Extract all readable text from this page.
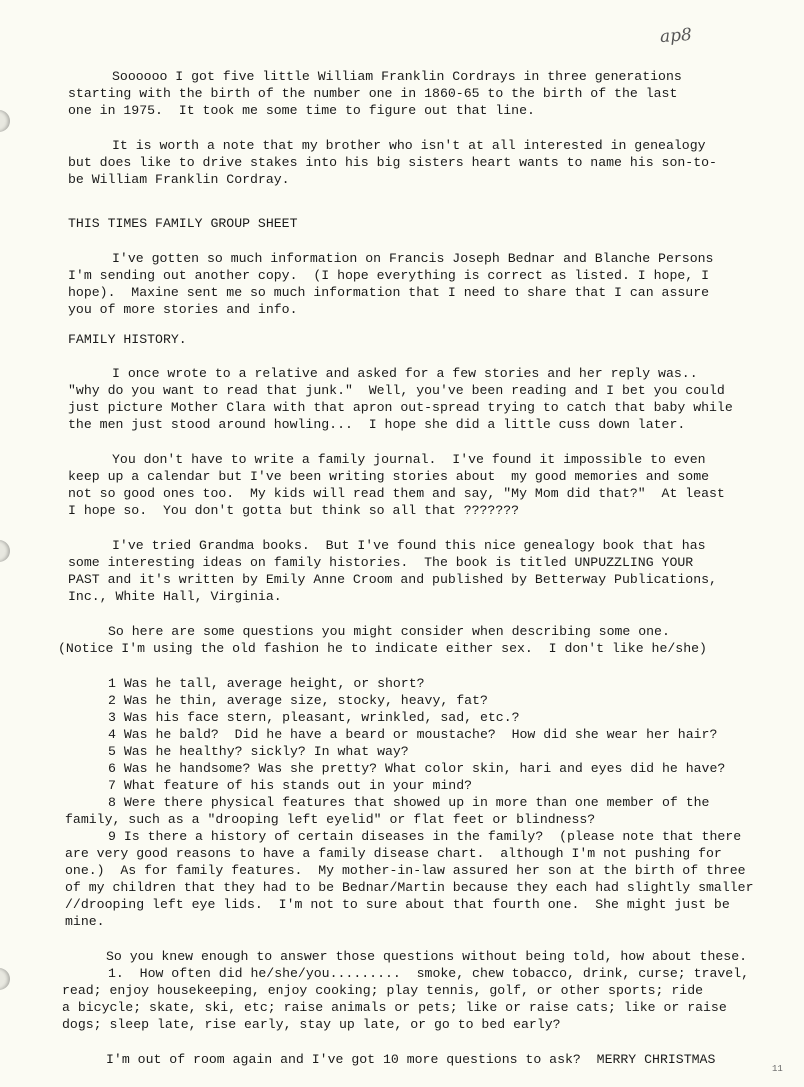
ap8
Soooooo I got five little William Franklin Cordrays in three generations
starting with the birth of the number one in 1860-65 to the birth of the last
one in 1975.  It took me some time to figure out that line.
It is worth a note that my brother who isn't at all interested in genealogy
but does like to drive stakes into his big sisters heart wants to name his son-to-
be William Franklin Cordray.
THIS TIMES FAMILY GROUP SHEET
I've gotten so much information on Francis Joseph Bednar and Blanche Persons
I'm sending out another copy.  (I hope everything is correct as listed. I hope, I
hope).  Maxine sent me so much information that I need to share that I can assure
you of more stories and info.
FAMILY HISTORY.
I once wrote to a relative and asked for a few stories and her reply was..
"why do you want to read that junk."  Well, you've been reading and I bet you could
just picture Mother Clara with that apron out-spread trying to catch that baby while
the men just stood around howling...  I hope she did a little cuss down later.
You don't have to write a family journal.  I've found it impossible to even
keep up a calendar but I've been writing stories about  my good memories and some
not so good ones too.  My kids will read them and say, "My Mom did that?"  At least
I hope so.  You don't gotta but think so all that ???????
I've tried Grandma books.  But I've found this nice genealogy book that has
some interesting ideas on family histories.  The book is titled UNPUZZLING YOUR
PAST and it's written by Emily Anne Croom and published by Betterway Publications,
Inc., White Hall, Virginia.
So here are some questions you might consider when describing some one.
(Notice I'm using the old fashion he to indicate either sex.  I don't like he/she)
1 Was he tall, average height, or short?
2 Was he thin, average size, stocky, heavy, fat?
3 Was his face stern, pleasant, wrinkled, sad, etc.?
4 Was he bald?  Did he have a beard or moustache?  How did she wear her hair?
5 Was he healthy? sickly? In what way?
6 Was he handsome? Was she pretty? What color skin, hari and eyes did he have?
7 What feature of his stands out in your mind?
8 Were there physical features that showed up in more than one member of the
family, such as a "drooping left eyelid" or flat feet or blindness?
9 Is there a history of certain diseases in the family?  (please note that there
are very good reasons to have a family disease chart.  although I'm not pushing for
one.)  As for family features.  My mother-in-law assured her son at the birth of three
of my children that they had to be Bednar/Martin because they each had slightly smaller
//drooping left eye lids.  I'm not to sure about that fourth one.  She might just be
mine.
So you knew enough to answer those questions without being told, how about these.
1.  How often did he/she/you.........  smoke, chew tobacco, drink, curse; travel,
read; enjoy housekeeping, enjoy cooking; play tennis, golf, or other sports; ride
a bicycle; skate, ski, etc; raise animals or pets; like or raise cats; like or raise
dogs; sleep late, rise early, stay up late, or go to bed early?
I'm out of room again and I've got 10 more questions to ask?  MERRY CHRISTMAS
11
